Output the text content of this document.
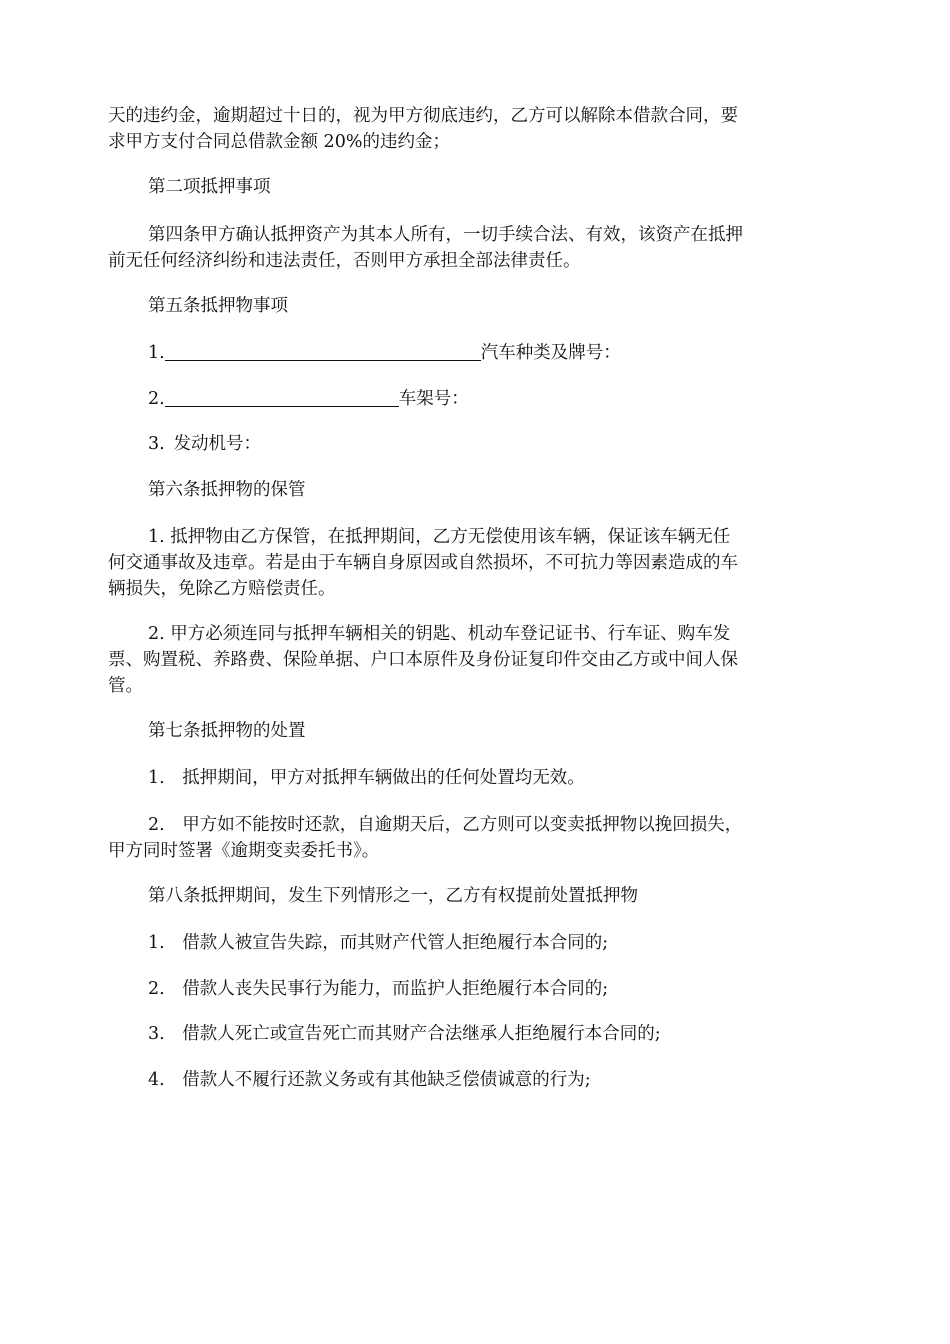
天的违约金，逾期超过十日的，视为甲方彻底违约，乙方可以解除本借款合同，要
求甲方支付合同总借款金额 20%的违约金；
第二项抵押事项
第四条甲方确认抵押资产为其本人所有，一切手续合法、有效，该资产在抵押
前无任何经济纠纷和违法责任，否则甲方承担全部法律责任。
第五条抵押物事项
1.	汽车种类及牌号：
2.	车架号：
3.  发动机号：
第六条抵押物的保管
1. 抵押物由乙方保管，在抵押期间，乙方无偿使用该车辆，保证该车辆无任
何交通事故及违章。若是由于车辆自身原因或自然损坏，不可抗力等因素造成的车
辆损失，免除乙方赔偿责任。
2. 甲方必须连同与抵押车辆相关的钥匙、机动车登记证书、行车证、购车发
票、购置税、养路费、保险单据、户口本原件及身份证复印件交由乙方或中间人保
管。
第七条抵押物的处置
1.  抵押期间，甲方对抵押车辆做出的任何处置均无效。
2.  甲方如不能按时还款，自逾期天后，乙方则可以变卖抵押物以挽回损失，
甲方同时签署《逾期变卖委托书》。
第八条抵押期间，发生下列情形之一，乙方有权提前处置抵押物
1.  借款人被宣告失踪，而其财产代管人拒绝履行本合同的;
2.  借款人丧失民事行为能力，而监护人拒绝履行本合同的;
3.  借款人死亡或宣告死亡而其财产合法继承人拒绝履行本合同的;
4.  借款人不履行还款义务或有其他缺乏偿债诚意的行为;
